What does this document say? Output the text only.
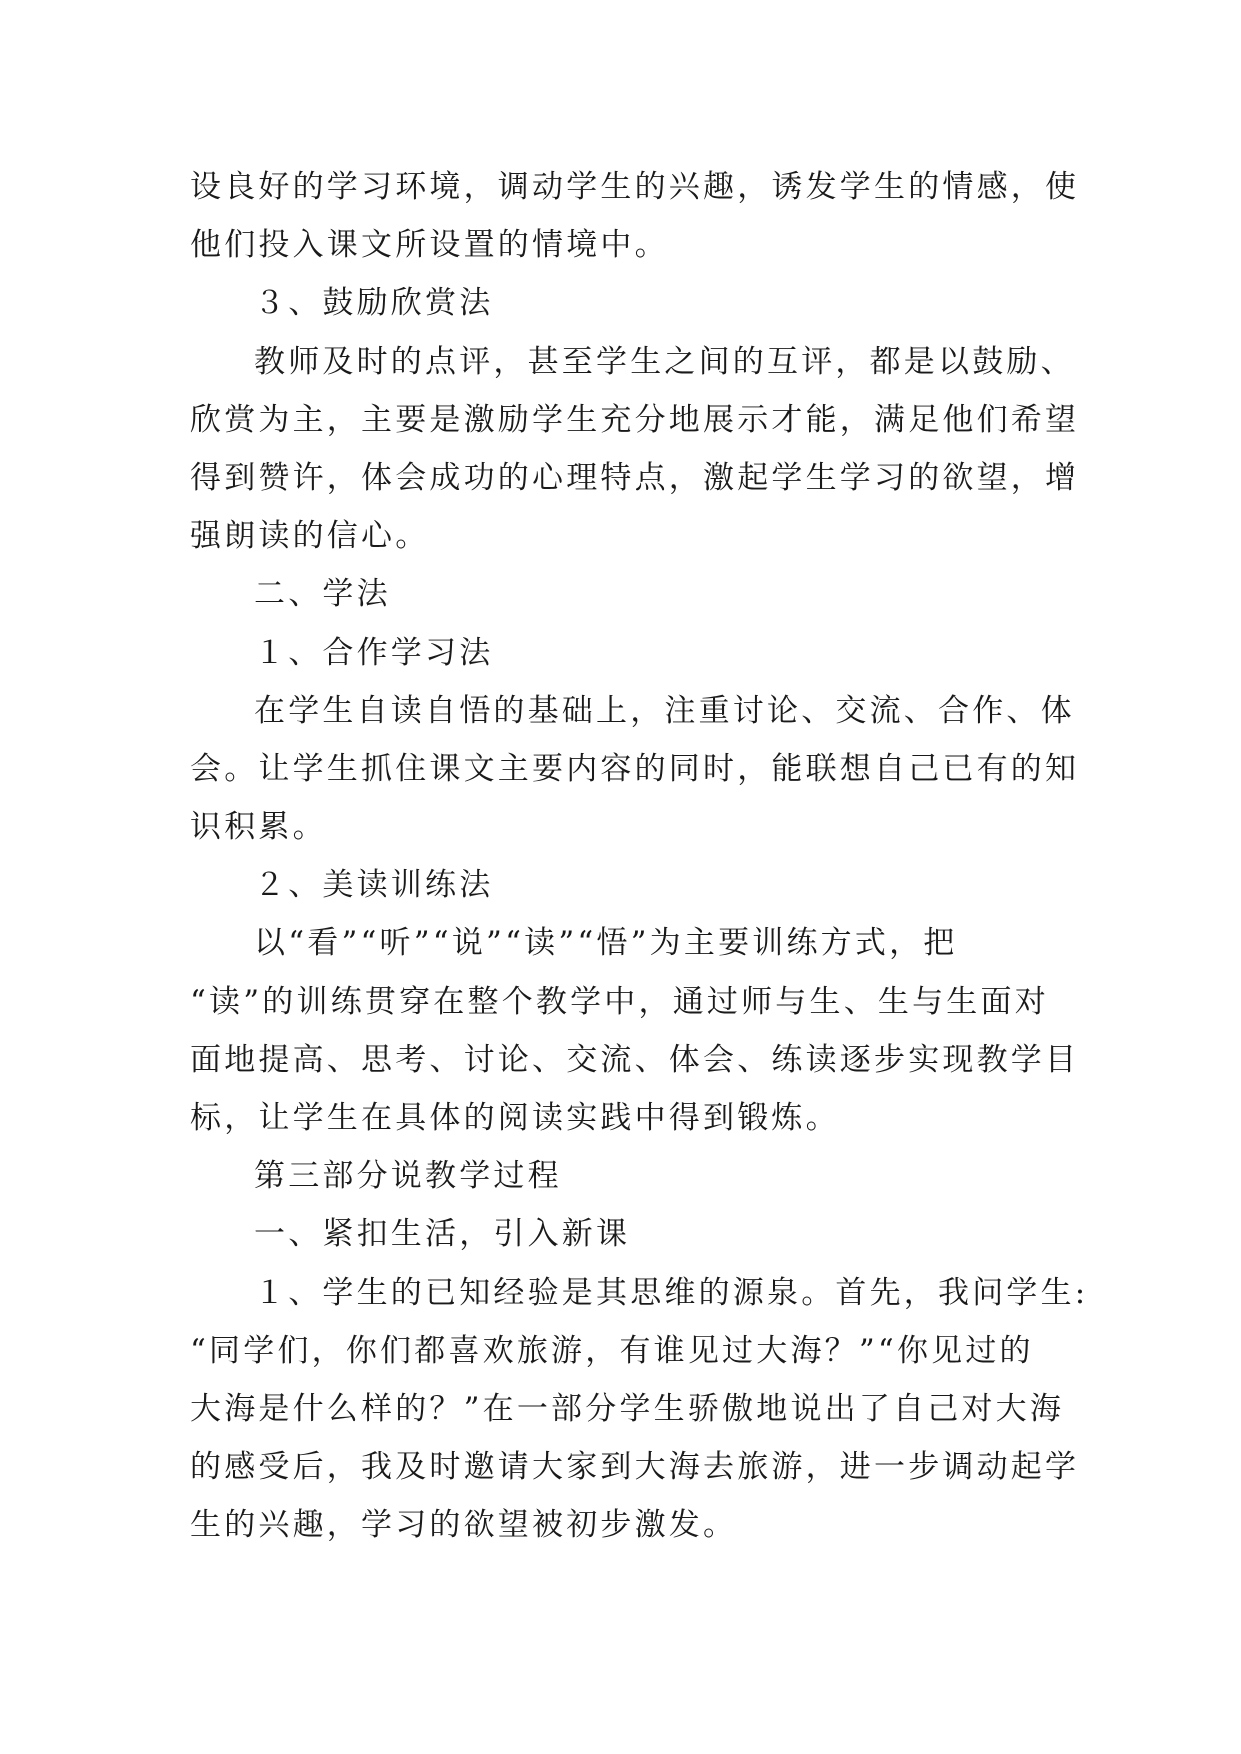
设良好的学习环境，调动学生的兴趣，诱发学生的情感，使
他们投入课文所设置的情境中。
３、鼓励欣赏法
教师及时的点评，甚至学生之间的互评，都是以鼓励、
欣赏为主，主要是激励学生充分地展示才能，满足他们希望
得到赞许，体会成功的心理特点，激起学生学习的欲望，增
强朗读的信心。
二、学法
１、合作学习法
在学生自读自悟的基础上，注重讨论、交流、合作、体
会。让学生抓住课文主要内容的同时，能联想自己已有的知
识积累。
２、美读训练法
以“看”“听”“说”“读”“悟”为主要训练方式，把
“读”的训练贯穿在整个教学中，通过师与生、生与生面对
面地提高、思考、讨论、交流、体会、练读逐步实现教学目
标，让学生在具体的阅读实践中得到锻炼。
第三部分说教学过程
一、紧扣生活，引入新课
１、学生的已知经验是其思维的源泉。首先，我问学生:
“同学们，你们都喜欢旅游，有谁见过大海？”“你见过的
大海是什么样的？”在一部分学生骄傲地说出了自己对大海
的感受后，我及时邀请大家到大海去旅游，进一步调动起学
生的兴趣，学习的欲望被初步激发。
